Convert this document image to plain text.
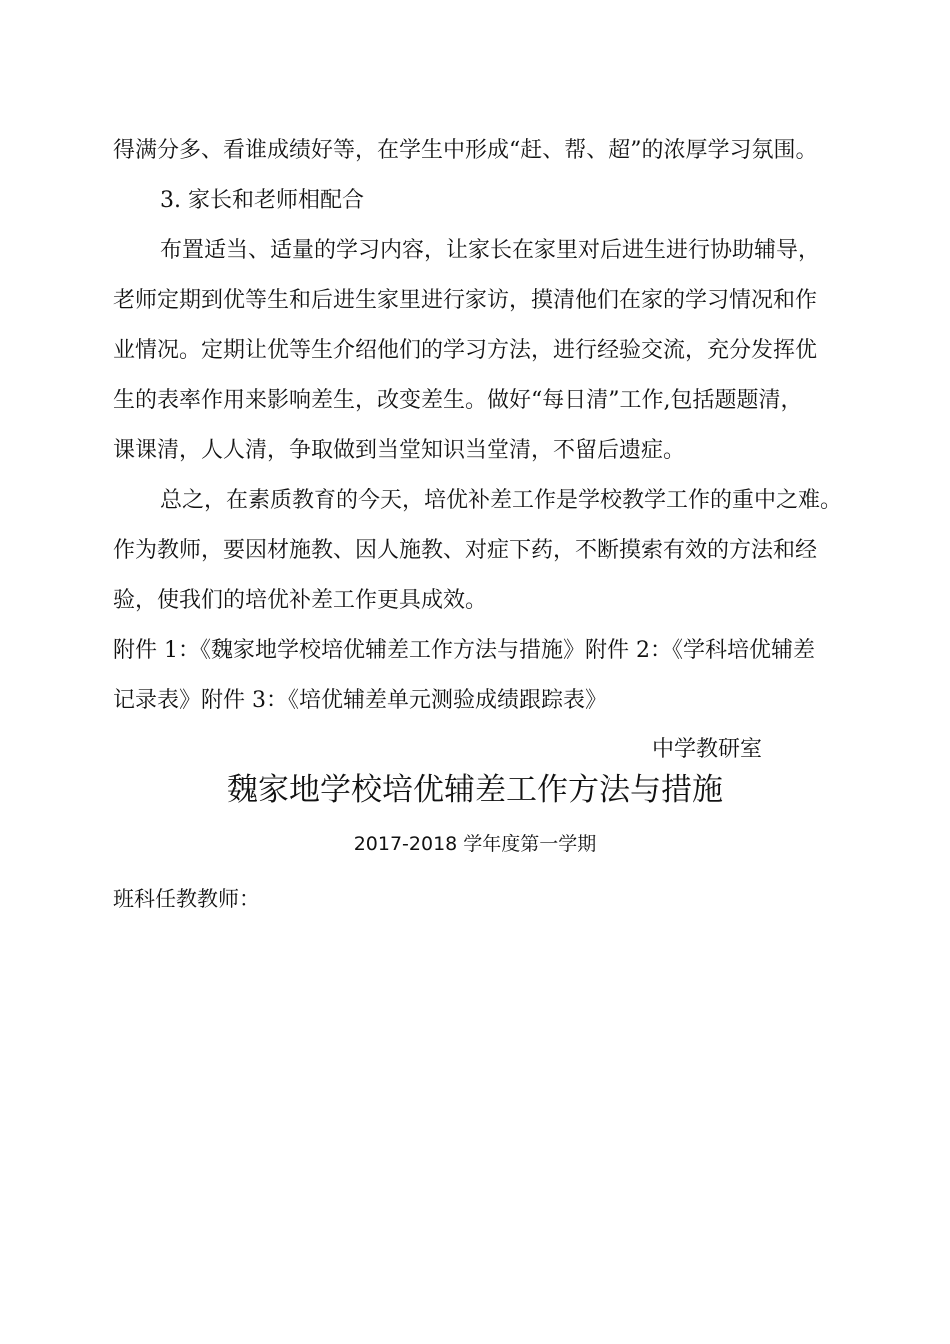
得满分多、看谁成绩好等，在学生中形成“赶、帮、超”的浓厚学习氛围。
3. 家长和老师相配合
布置适当、适量的学习内容，让家长在家里对后进生进行协助辅导，
老师定期到优等生和后进生家里进行家访，摸清他们在家的学习情况和作
业情况。定期让优等生介绍他们的学习方法，进行经验交流，充分发挥优
生的表率作用来影响差生，改变差生。做好“每日清”工作,包括题题清，
课课清，人人清，争取做到当堂知识当堂清，不留后遗症。
总之，在素质教育的今天，培优补差工作是学校教学工作的重中之难。
作为教师，要因材施教、因人施教、对症下药，不断摸索有效的方法和经
验，使我们的培优补差工作更具成效。
附件 1：《魏家地学校培优辅差工作方法与措施》附件 2：《学科培优辅差
记录表》附件 3：《培优辅差单元测验成绩跟踪表》
中学教研室
魏家地学校培优辅差工作方法与措施
2017-2018 学年度第一学期
班科任教教师：
